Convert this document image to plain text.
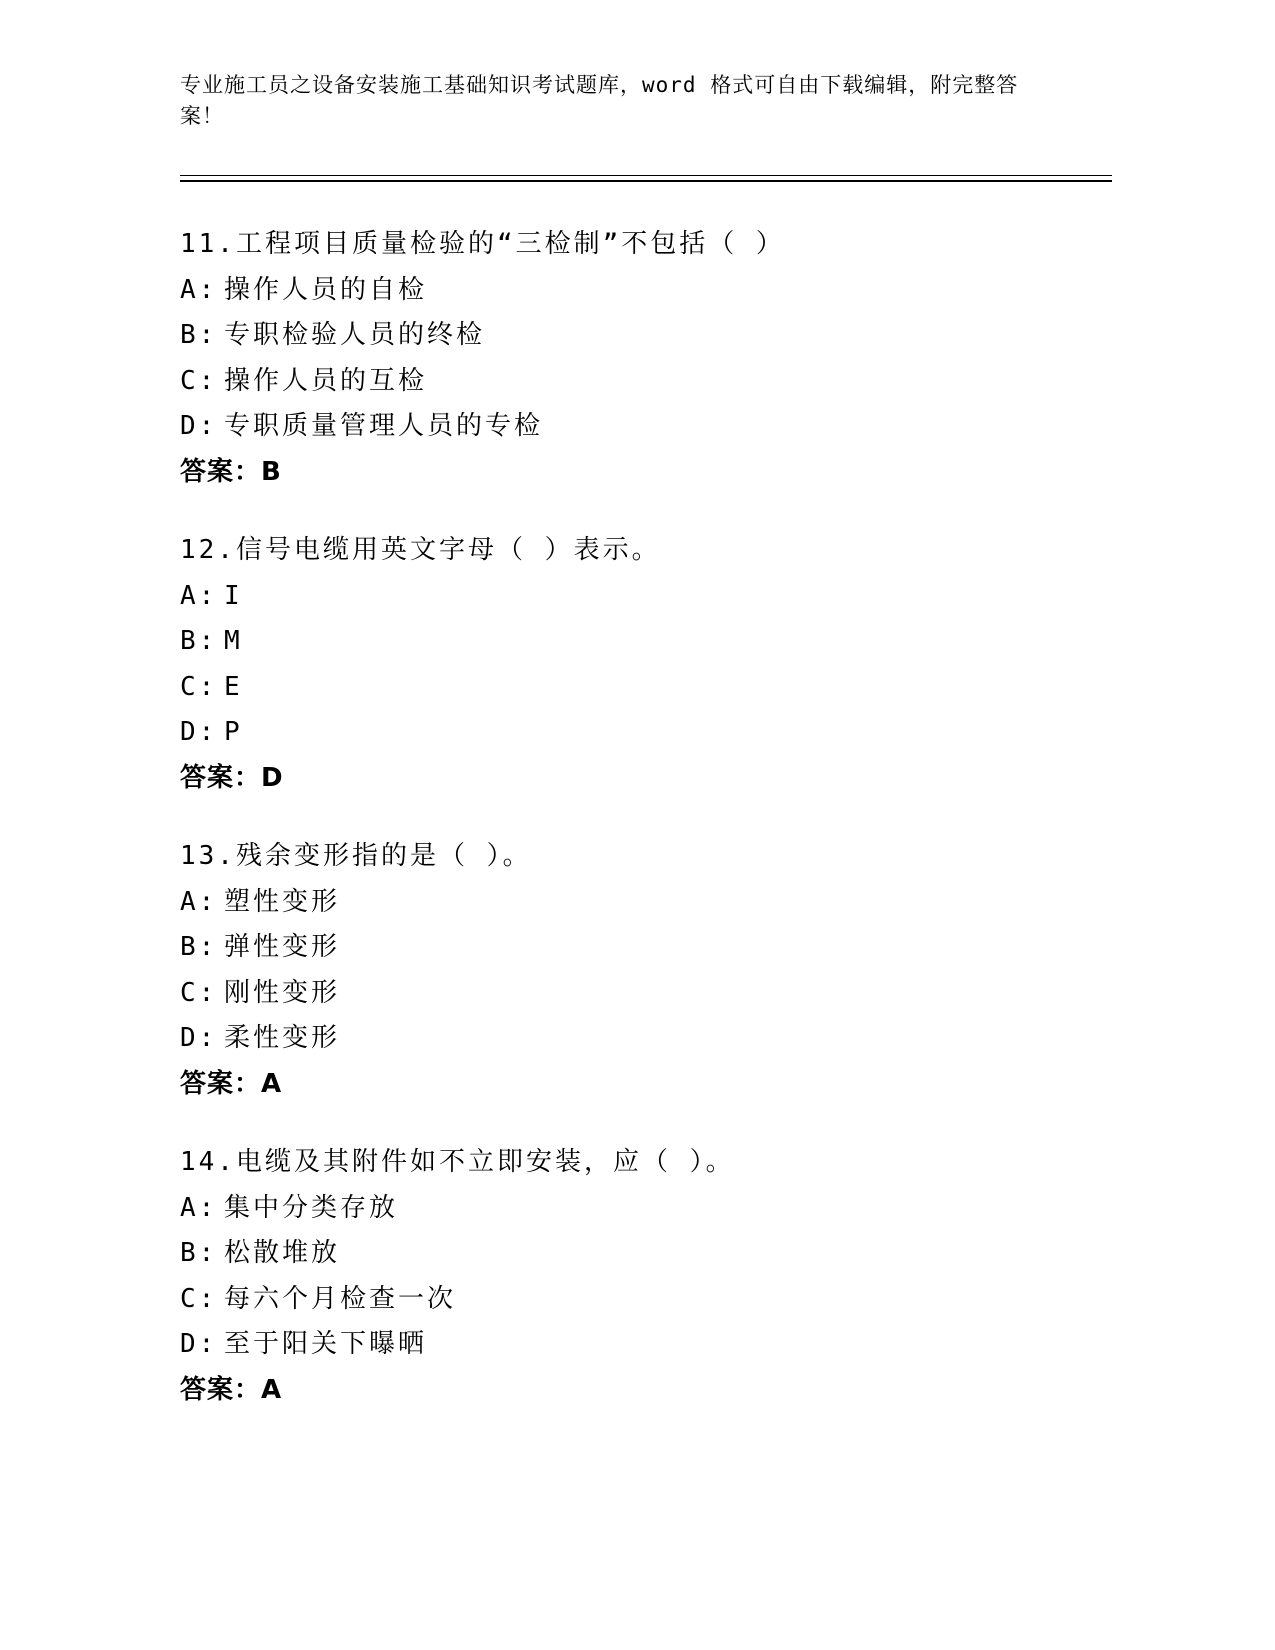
专业施工员之设备安装施工基础知识考试题库，word 格式可自由下载编辑，附完整答案！
11.工程项目质量检验的“三检制”不包括（ ）
A: 操作人员的自检
B: 专职检验人员的终检
C: 操作人员的互检
D: 专职质量管理人员的专检
答案：B
12.信号电缆用英文字母（ ）表示。
A: I
B: M
C: E
D: P
答案：D
13.残余变形指的是（ ）。
A: 塑性变形
B: 弹性变形
C: 刚性变形
D: 柔性变形
答案：A
14.电缆及其附件如不立即安装，应（ ）。
A: 集中分类存放
B: 松散堆放
C: 每六个月检查一次
D: 至于阳关下曝晒
答案：A
